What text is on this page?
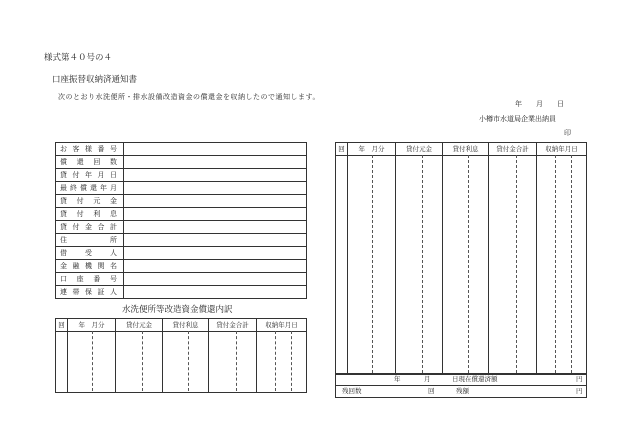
様式第４０号の４
口座振替収納済通知書
次のとおり水洗便所・排水設備改造資金の償還金を収納したので通知します。
年　　月　　日
小樽市水道局企業出納員
印
お客様番号	
償還回数	
貸付年月日	
最終償還年月	
貸付元金	
貸付利息	
貸付金合計	
住所	
借受人	
金融機関名	
口座番号	
連帯保証人	
水洗便所等改造資金償還内訳
回	年　月分	貸付元金	貸付利息	貸付金合計	収納年月日

回	年　月分	貸付元金	貸付利息	貸付金合計	収納年月日

年	月	日現在償還済額	円

残回数	回	残額	円
